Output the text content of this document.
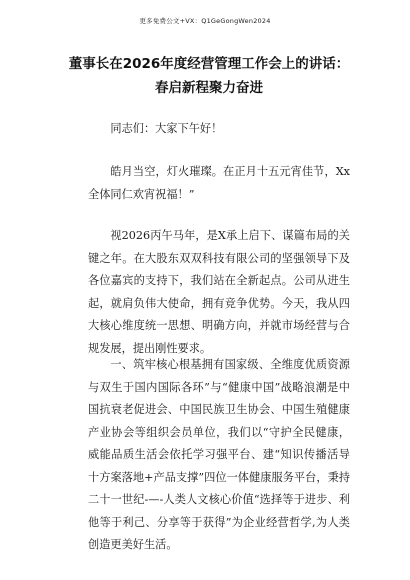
更多免费公文+VX：Q1GeGongWen2024
董事长在2026年度经营管理工作会上的讲话：春启新程聚力奋进
同志们：大家下午好！
皓月当空，灯火璀璨。在正月十五元宵佳节，Xx全体同仁欢宵祝福！”
视2026丙午马年，是X承上启下、谋篇布局的关键之年。在大股东双双科技有限公司的坚强领导下及各位嘉宾的支持下，我们站在全新起点。公司从进生起，就肩负伟大使命，拥有竞争优势。今天，我从四大核心维度统一思想、明确方向，并就市场经营与合规发展，提出刚性要求。
一、筑牢核心根基拥有国家级、全维度优质资源与双生于国内国际各环”与“健康中国”战略浪潮是中国抗衰老促进会、中国民族卫生协会、中国生殖健康产业协会等组织会员单位，我们以“守护全民健康，威能品质生活会依托学习强平台、建“知识传播活导十方案落地+产品支撑”四位一体健康服务平台，秉持二十一世纪-—-人类人文核心价值“选择等于进步、利他等于利己、分享等于获得”为企业经营哲学,为人类创造更美好生活。
